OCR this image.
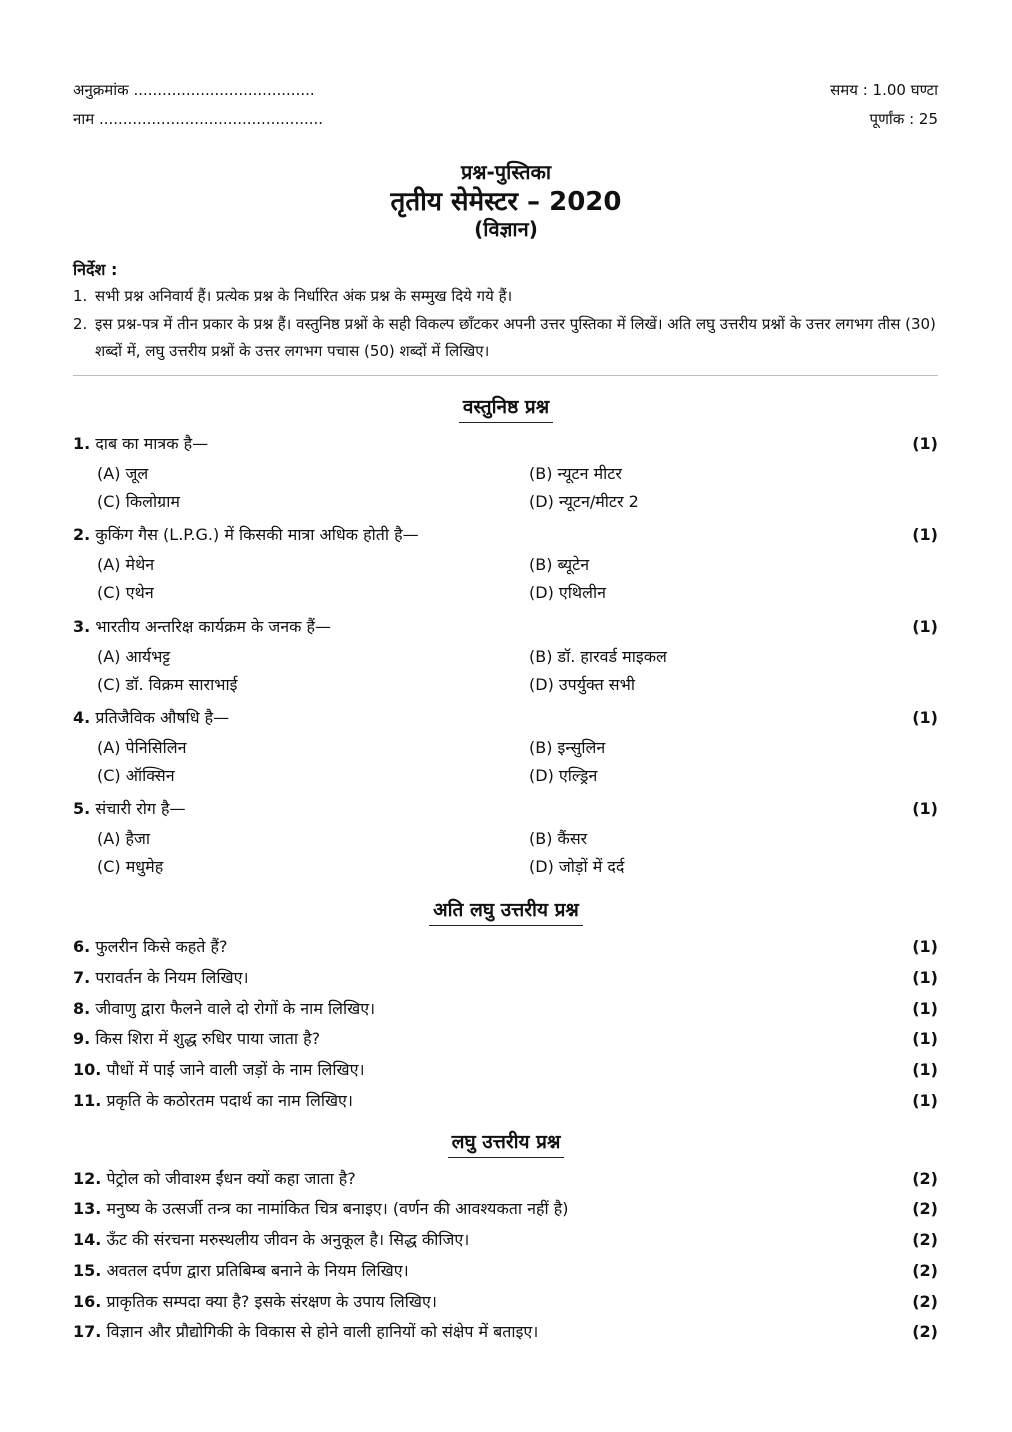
अनुक्रमांक ......................................	समय : 1.00 घण्टा
नाम ...............................................	पूर्णांक : 25
प्रश्न-पुस्तिका
तृतीय सेमेस्टर – 2020
(विज्ञान)
निर्देश :
1. सभी प्रश्न अनिवार्य हैं। प्रत्येक प्रश्न के निर्धारित अंक प्रश्न के सम्मुख दिये गये हैं।
2. इस प्रश्न-पत्र में तीन प्रकार के प्रश्न हैं। वस्तुनिष्ठ प्रश्नों के सही विकल्प छाँटकर अपनी उत्तर पुस्तिका में लिखें। अति लघु उत्तरीय प्रश्नों के उत्तर लगभग तीस (30) शब्दों में, लघु उत्तरीय प्रश्नों के उत्तर लगभग पचास (50) शब्दों में लिखिए।
वस्तुनिष्ठ प्रश्न
1. दाब का मात्रक है—	(1)
(A) जूल	(B) न्यूटन मीटर
(C) किलोग्राम	(D) न्यूटन/मीटर 2
2. कुकिंग गैस (L.P.G.) में किसकी मात्रा अधिक होती है—	(1)
(A) मेथेन	(B) ब्यूटेन
(C) एथेन	(D) एथिलीन
3. भारतीय अन्तरिक्ष कार्यक्रम के जनक हैं—	(1)
(A) आर्यभट्ट	(B) डॉ. हारवर्ड माइकल
(C) डॉ. विक्रम साराभाई	(D) उपर्युक्त सभी
4. प्रतिजैविक औषधि है—	(1)
(A) पेनिसिलिन	(B) इन्सुलिन
(C) ऑक्सिन	(D) एल्ड्रिन
5. संचारी रोग है—	(1)
(A) हैजा	(B) कैंसर
(C) मधुमेह	(D) जोड़ों में दर्द
अति लघु उत्तरीय प्रश्न
6. फुलरीन किसे कहते हैं?	(1)
7. परावर्तन के नियम लिखिए।	(1)
8. जीवाणु द्वारा फैलने वाले दो रोगों के नाम लिखिए।	(1)
9. किस शिरा में शुद्ध रुधिर पाया जाता है?	(1)
10. पौधों में पाई जाने वाली जड़ों के नाम लिखिए।	(1)
11. प्रकृति के कठोरतम पदार्थ का नाम लिखिए।	(1)
लघु उत्तरीय प्रश्न
12. पेट्रोल को जीवाश्म ईंधन क्यों कहा जाता है?	(2)
13. मनुष्य के उत्सर्जी तन्त्र का नामांकित चित्र बनाइए। (वर्णन की आवश्यकता नहीं है)	(2)
14. ऊँट की संरचना मरुस्थलीय जीवन के अनुकूल है। सिद्ध कीजिए।	(2)
15. अवतल दर्पण द्वारा प्रतिबिम्ब बनाने के नियम लिखिए।	(2)
16. प्राकृतिक सम्पदा क्या है? इसके संरक्षण के उपाय लिखिए।	(2)
17. विज्ञान और प्रौद्योगिकी के विकास से होने वाली हानियों को संक्षेप में बताइए।	(2)
